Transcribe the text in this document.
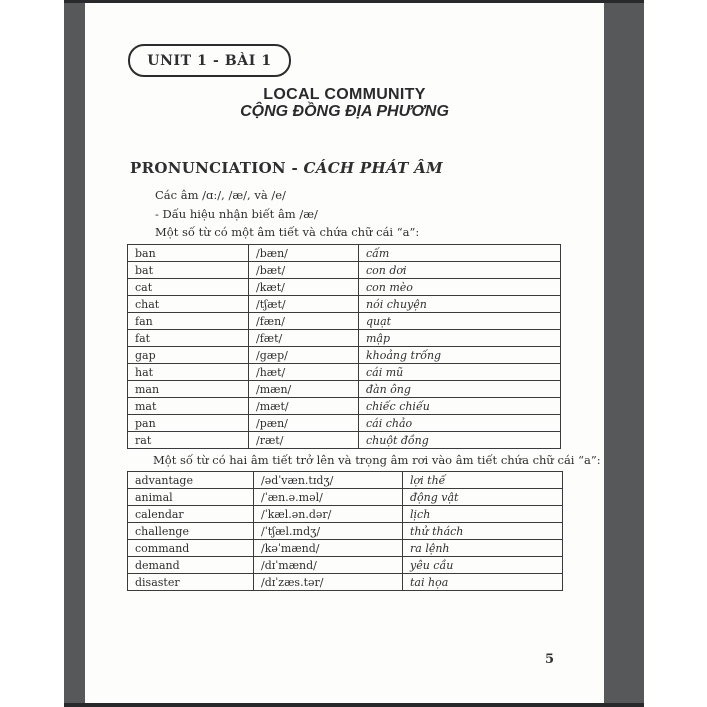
UNIT 1 - BÀI 1
LOCAL COMMUNITY
CỘNG ĐỒNG ĐỊA PHƯƠNG
PRONUNCIATION - CÁCH PHÁT ÂM
Các âm /ɑː/, /æ/, và /e/
- Dấu hiệu nhận biết âm /æ/
Một số từ có một âm tiết và chứa chữ cái “a”:
ban	/bæn/	cấm
bat	/bæt/	con dơi
cat	/kæt/	con mèo
chat	/tʃæt/	nói chuyện
fan	/fæn/	quạt
fat	/fæt/	mập
gap	/gæp/	khoảng trống
hat	/hæt/	cái mũ
man	/mæn/	đàn ông
mat	/mæt/	chiếc chiếu
pan	/pæn/	cái chảo
rat	/ræt/	chuột đồng
Một số từ có hai âm tiết trở lên và trọng âm rơi vào âm tiết chứa chữ cái “a”:
advantage	/ədˈvæn.tɪdʒ/	lợi thế
animal	/ˈæn.ə.məl/	động vật
calendar	/ˈkæl.ən.dər/	lịch
challenge	/ˈtʃæl.ɪndʒ/	thử thách
command	/kəˈmænd/	ra lệnh
demand	/dɪˈmænd/	yêu cầu
disaster	/dɪˈzæs.tər/	tai họa
5
